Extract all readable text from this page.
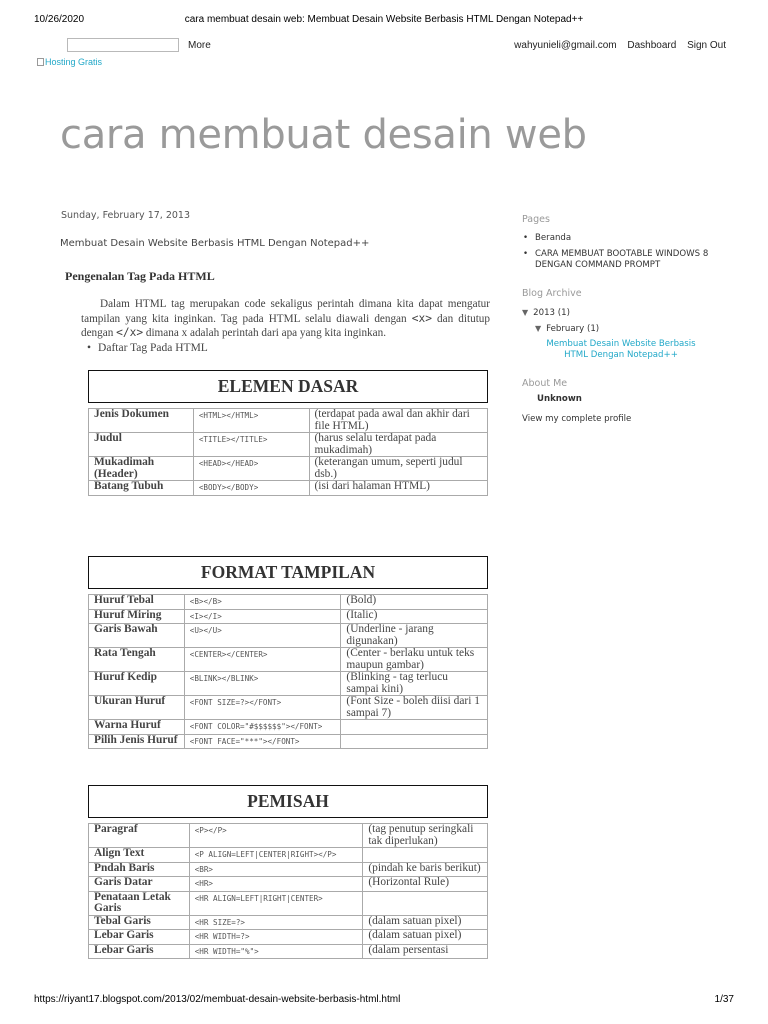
10/26/2020	cara membuat desain web: Membuat Desain Website Berbasis HTML Dengan Notepad++
More	wahyunieli@gmail.com Dashboard Sign Out
Hosting Gratis
cara membuat desain web
Sunday, February 17, 2013
Membuat Desain Website Berbasis HTML Dengan Notepad++
Pengenalan Tag Pada HTML

Dalam HTML tag merupakan code sekaligus perintah dimana kita dapat mengatur tampilan yang kita inginkan. Tag pada HTML selalu diawali dengan <x> dan ditutup dengan </x> dimana x adalah perintah dari apa yang kita inginkan.

• Daftar Tag Pada HTML
ELEMEN DASAR		

Jenis Dokumen	<HTML></HTML>	(terdapat pada awal dan akhir dari file HTML)
Judul	<TITLE></TITLE>	(harus selalu terdapat pada mukadimah)
Mukadimah (Header)	<HEAD></HEAD>	(keterangan umum, seperti judul dsb.)
Batang Tubuh	<BODY></BODY>	(isi dari halaman HTML)
FORMAT TAMPILAN		

Huruf Tebal	<B></B>	(Bold)
Huruf Miring	<I></I>	(Italic)
Garis Bawah	<U></U>	(Underline - jarang digunakan)
Rata Tengah	<CENTER></CENTER>	(Center - berlaku untuk teks maupun gambar)
Huruf Kedip	<BLINK></BLINK>	(Blinking - tag terlucu sampai kini)
Ukuran Huruf	<FONT SIZE=?></FONT>	(Font Size - boleh diisi dari 1 sampai 7)
Warna Huruf	<FONT COLOR="#$$$$$$"></FONT>	
Pilih Jenis Huruf	<FONT FACE="***"></FONT>	
PEMISAH		

Paragraf	<P></P>	(tag penutup seringkali tak diperlukan)
Align Text	<P ALIGN=LEFT|CENTER|RIGHT></P>	
Pndah Baris	<BR>	(pindah ke baris berikut)
Garis Datar	<HR>	(Horizontal Rule)
Penataan Letak Garis	<HR ALIGN=LEFT|RIGHT|CENTER>	
Tebal Garis	<HR SIZE=?>	(dalam satuan pixel)
Lebar Garis	<HR WIDTH=?>	(dalam satuan pixel)
Lebar Garis	<HR WIDTH="%">	(dalam persentasi
Pages
• Beranda
• CARA MEMBUAT BOOTABLE WINDOWS 8 DENGAN COMMAND PROMPT
Blog Archive
▼ 2013 (1)
▼ February (1)
Membuat Desain Website Berbasis HTML Dengan Notepad++
About Me
Unknown
View my complete profile
https://riyant17.blogspot.com/2013/02/membuat-desain-website-berbasis-html.html	1/37
